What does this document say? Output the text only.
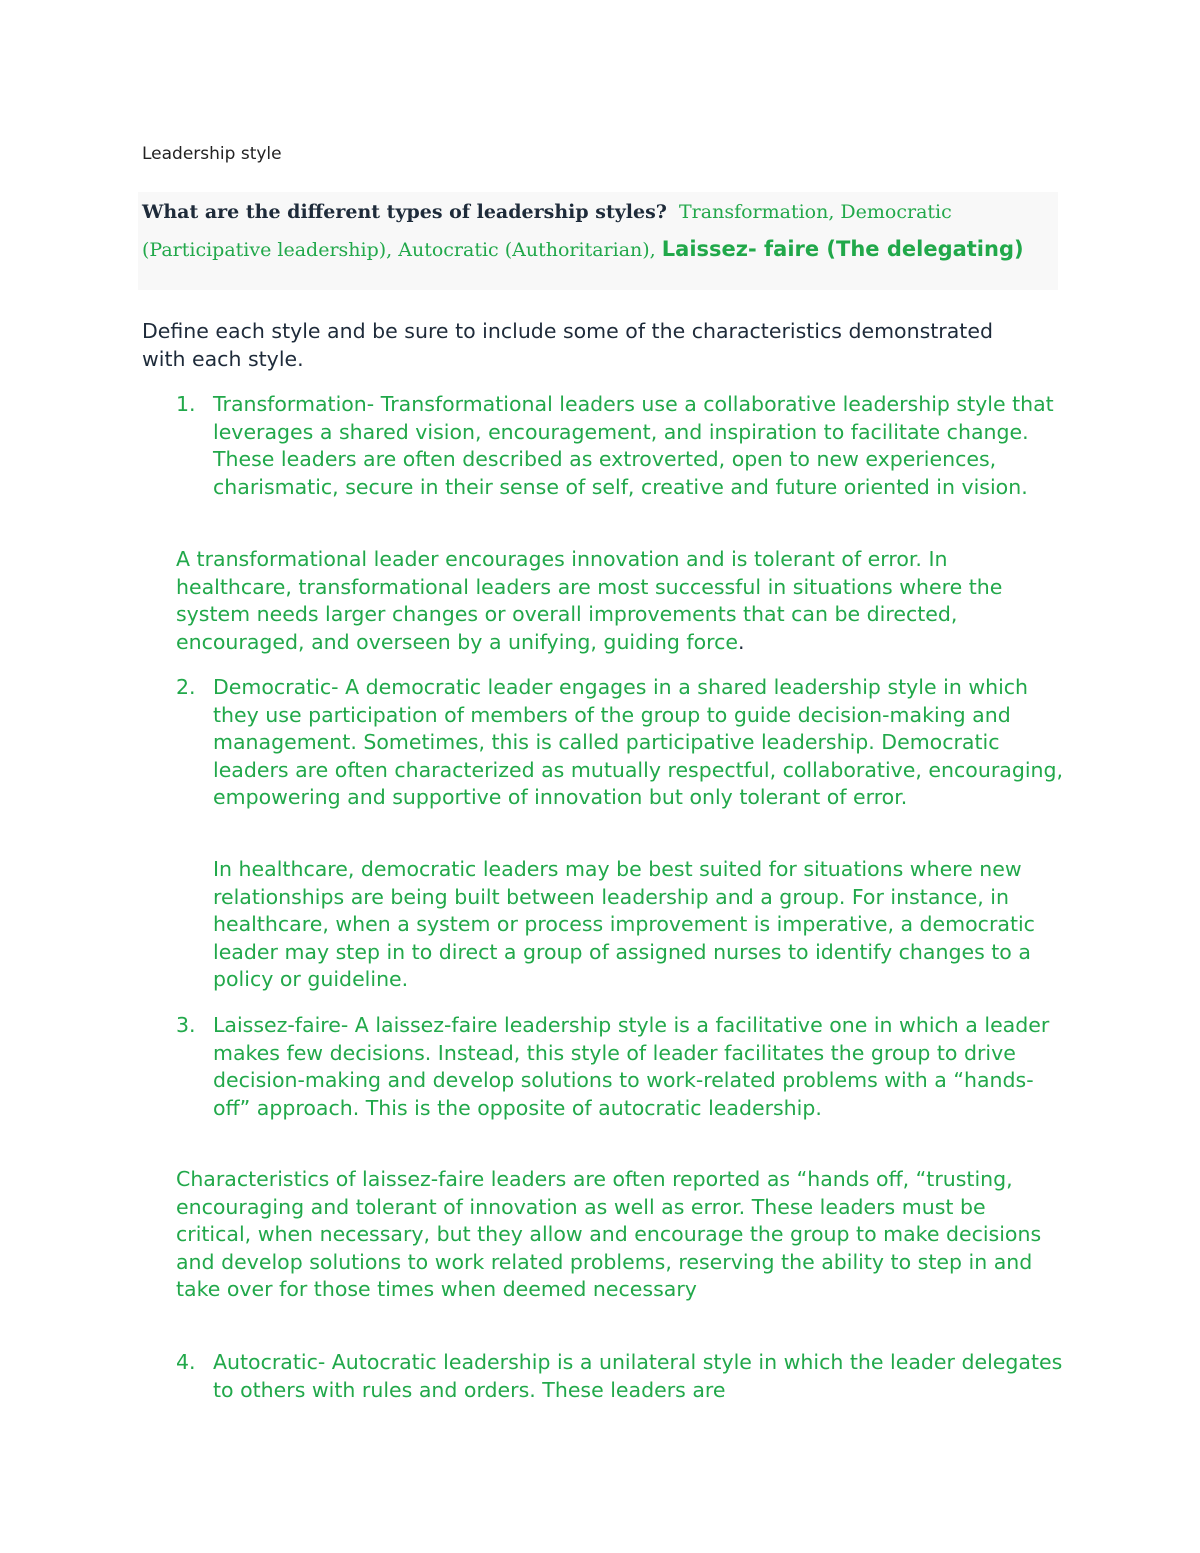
Leadership style

What are the different types of leadership styles? Transformation, Democratic
(Participative leadership), Autocratic (Authoritarian), Laissez- faire (The delegating)

Define each style and be sure to include some of the characteristics demonstrated with each style.

1. Transformation- Transformational leaders use a collaborative leadership style that leverages a shared vision, encouragement, and inspiration to facilitate change. These leaders are often described as extroverted, open to new experiences, charismatic, secure in their sense of self, creative and future oriented in vision.

A transformational leader encourages innovation and is tolerant of error. In healthcare, transformational leaders are most successful in situations where the system needs larger changes or overall improvements that can be directed, encouraged, and overseen by a unifying, guiding force.

2. Democratic- A democratic leader engages in a shared leadership style in which they use participation of members of the group to guide decision-making and management. Sometimes, this is called participative leadership. Democratic leaders are often characterized as mutually respectful, collaborative, encouraging, empowering and supportive of innovation but only tolerant of error.

In healthcare, democratic leaders may be best suited for situations where new relationships are being built between leadership and a group. For instance, in healthcare, when a system or process improvement is imperative, a democratic leader may step in to direct a group of assigned nurses to identify changes to a policy or guideline.

3. Laissez-faire- A laissez-faire leadership style is a facilitative one in which a leader makes few decisions. Instead, this style of leader facilitates the group to drive decision-making and develop solutions to work-related problems with a “hands-off” approach. This is the opposite of autocratic leadership.

Characteristics of laissez-faire leaders are often reported as “hands off, “trusting, encouraging and tolerant of innovation as well as error. These leaders must be critical, when necessary, but they allow and encourage the group to make decisions and develop solutions to work related problems, reserving the ability to step in and take over for those times when deemed necessary

4. Autocratic- Autocratic leadership is a unilateral style in which the leader delegates to others with rules and orders. These leaders are
